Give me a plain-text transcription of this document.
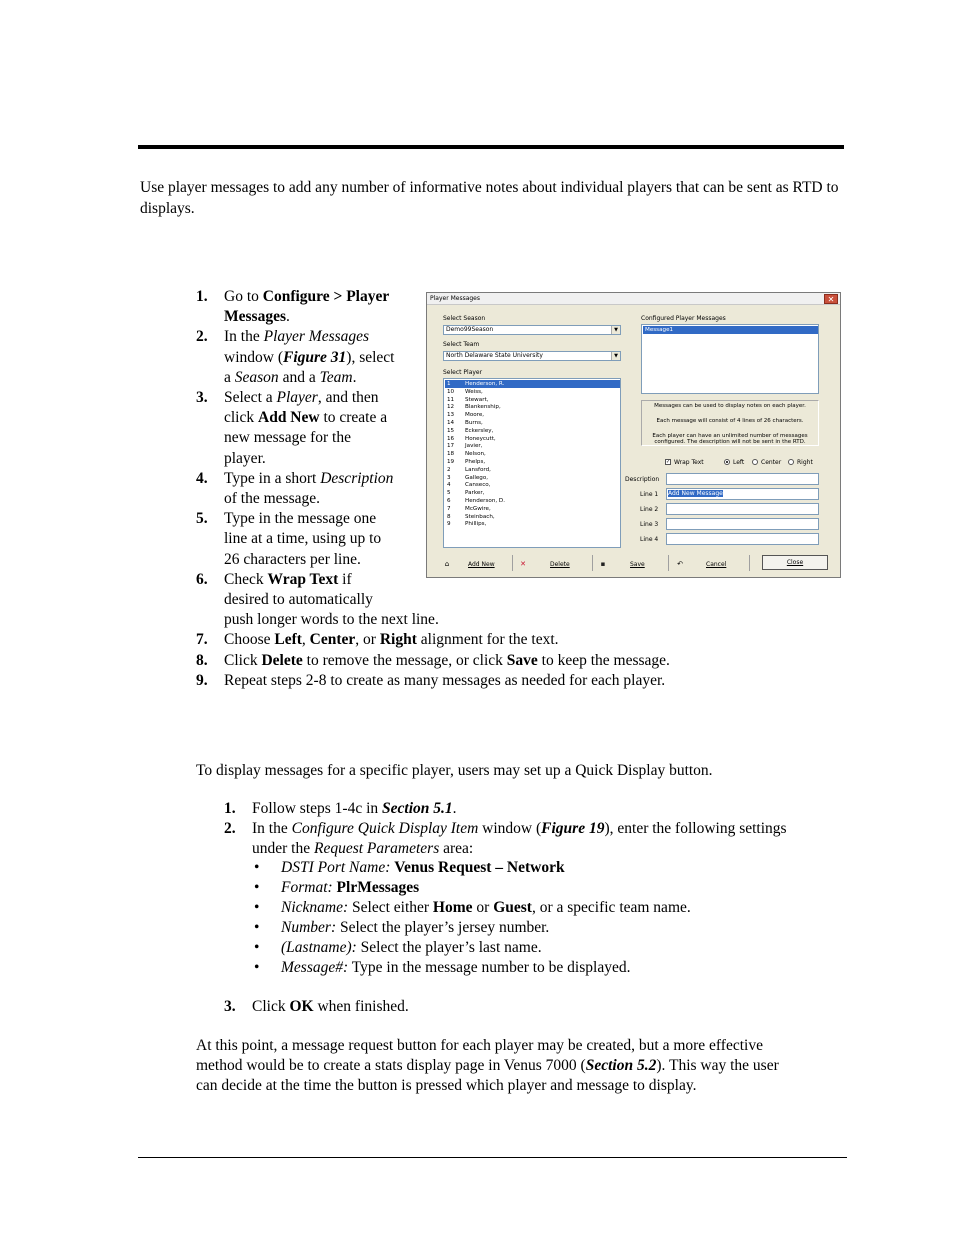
Use player messages to add any number of informative notes about individual players that can be sent as RTD to displays.
1. Go to Configure > Player
Messages.
2. In the Player Messages
window (Figure 31), select
a Season and a Team.
3. Select a Player, and then
click Add New to create a
new message for the
player.
4. Type in a short Description
of the message.
5. Type in the message one
line at a time, using up to
26 characters per line.
6. Check Wrap Text if
desired to automatically
push longer words to the next line.
7. Choose Left, Center, or Right alignment for the text.
8. Click Delete to remove the message, or click Save to keep the message.
9. Repeat steps 2-8 to create as many messages as needed for each player.
Player Messages	✕
Select Season
Demo99Season	▼
Select Team
North Delaware State University	▼
Select Player
1	Henderson, R.
10 Weiss,
11 Stewart,
12 Blankenship,
13 Moore,
14 Burns,
15 Eckersley,
16 Honeycutt,
17 Javier,
18 Nelson,
19 Phelps,
2	Lansford,
3	Gallego,
4	Canseco,
5	Parker,
6	Henderson, D.
7	McGwire,
8	Steinbach,
9	Phillips,
Configured Player Messages
Message1
Messages can be used to display notes on each player.
Each message will consist of 4 lines of 26 characters.
Each player can have an unlimited number of messages configured. The description will not be sent in the RTD.
✓ Wrap Text	Left	Center	Right
Description
Line 1	Add New Message
Line 2
Line 3
Line 4
⌂	Add New	✕	Delete	▪	Save	↶	Cancel	Close
To display messages for a specific player, users may set up a Quick Display button.
1. Follow steps 1-4c in Section 5.1.
2. In the Configure Quick Display Item window (Figure 19), enter the following settings
under the Request Parameters area:
• DSTI Port Name: Venus Request – Network
• Format: PlrMessages
• Nickname: Select either Home or Guest, or a specific team name.
• Number: Select the player’s jersey number.
• (Lastname): Select the player’s last name.
• Message#: Type in the message number to be displayed.
3. Click OK when finished.
At this point, a message request button for each player may be created, but a more effective
method would be to create a stats display page in Venus 7000 (Section 5.2). This way the user
can decide at the time the button is pressed which player and message to display.
